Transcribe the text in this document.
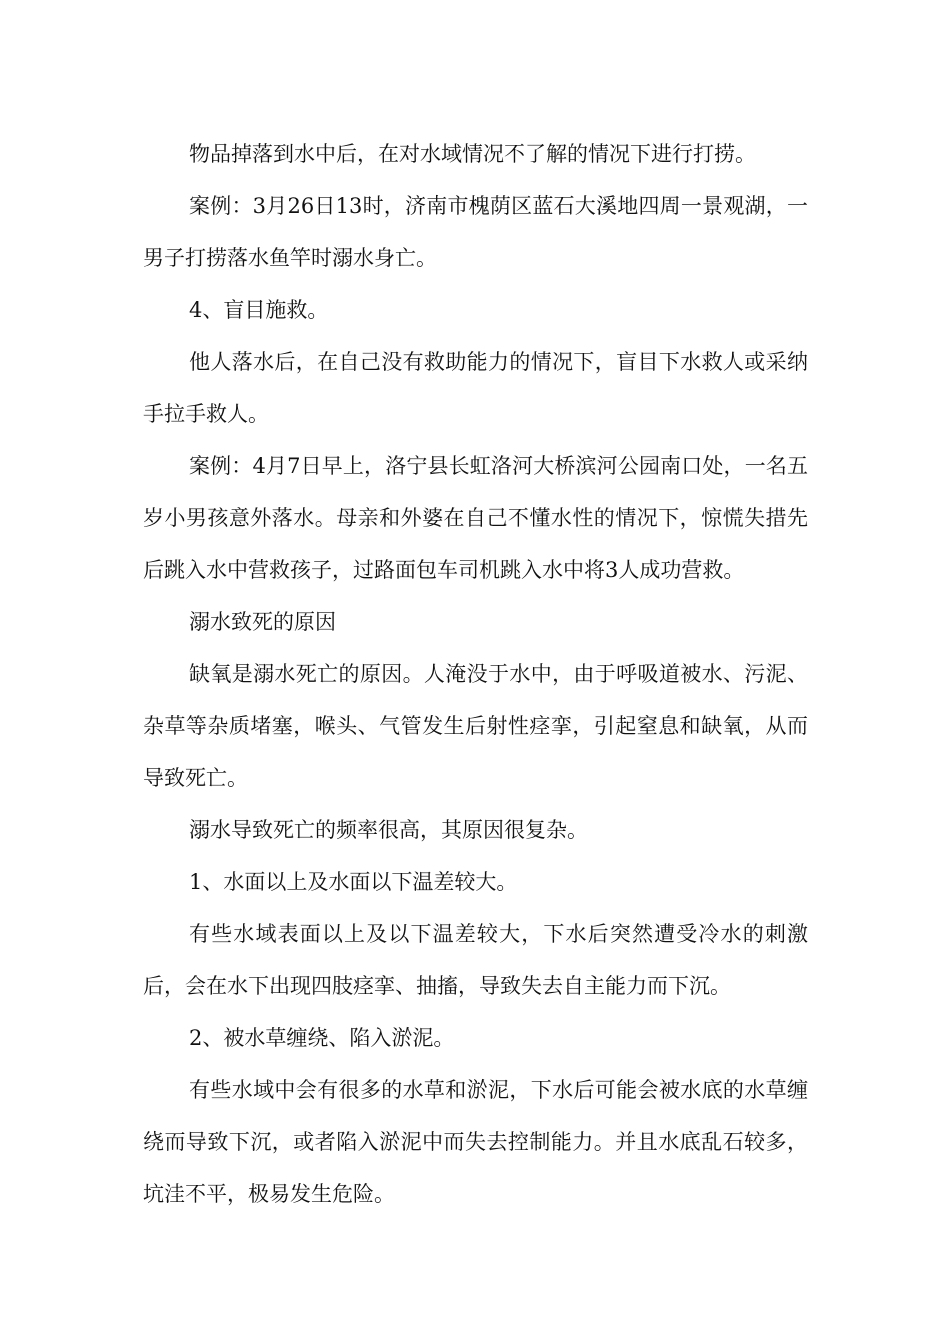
物品掉落到水中后，在对水域情况不了解的情况下进行打捞。

案例：3月26日13时，济南市槐荫区蓝石大溪地四周一景观湖，一男子打捞落水鱼竿时溺水身亡。

4、盲目施救。

他人落水后，在自己没有救助能力的情况下，盲目下水救人或采纳手拉手救人。

案例：4月7日早上，洛宁县长虹洛河大桥滨河公园南口处，一名五岁小男孩意外落水。母亲和外婆在自己不懂水性的情况下，惊慌失措先后跳入水中营救孩子，过路面包车司机跳入水中将3人成功营救。

溺水致死的原因

缺氧是溺水死亡的原因。人淹没于水中，由于呼吸道被水、污泥、杂草等杂质堵塞，喉头、气管发生后射性痉挛，引起窒息和缺氧，从而导致死亡。

溺水导致死亡的频率很高，其原因很复杂。

1、水面以上及水面以下温差较大。

有些水域表面以上及以下温差较大，下水后突然遭受冷水的刺激后，会在水下出现四肢痉挛、抽搐，导致失去自主能力而下沉。

2、被水草缠绕、陷入淤泥。

有些水域中会有很多的水草和淤泥，下水后可能会被水底的水草缠绕而导致下沉，或者陷入淤泥中而失去控制能力。并且水底乱石较多，坑洼不平，极易发生危险。
